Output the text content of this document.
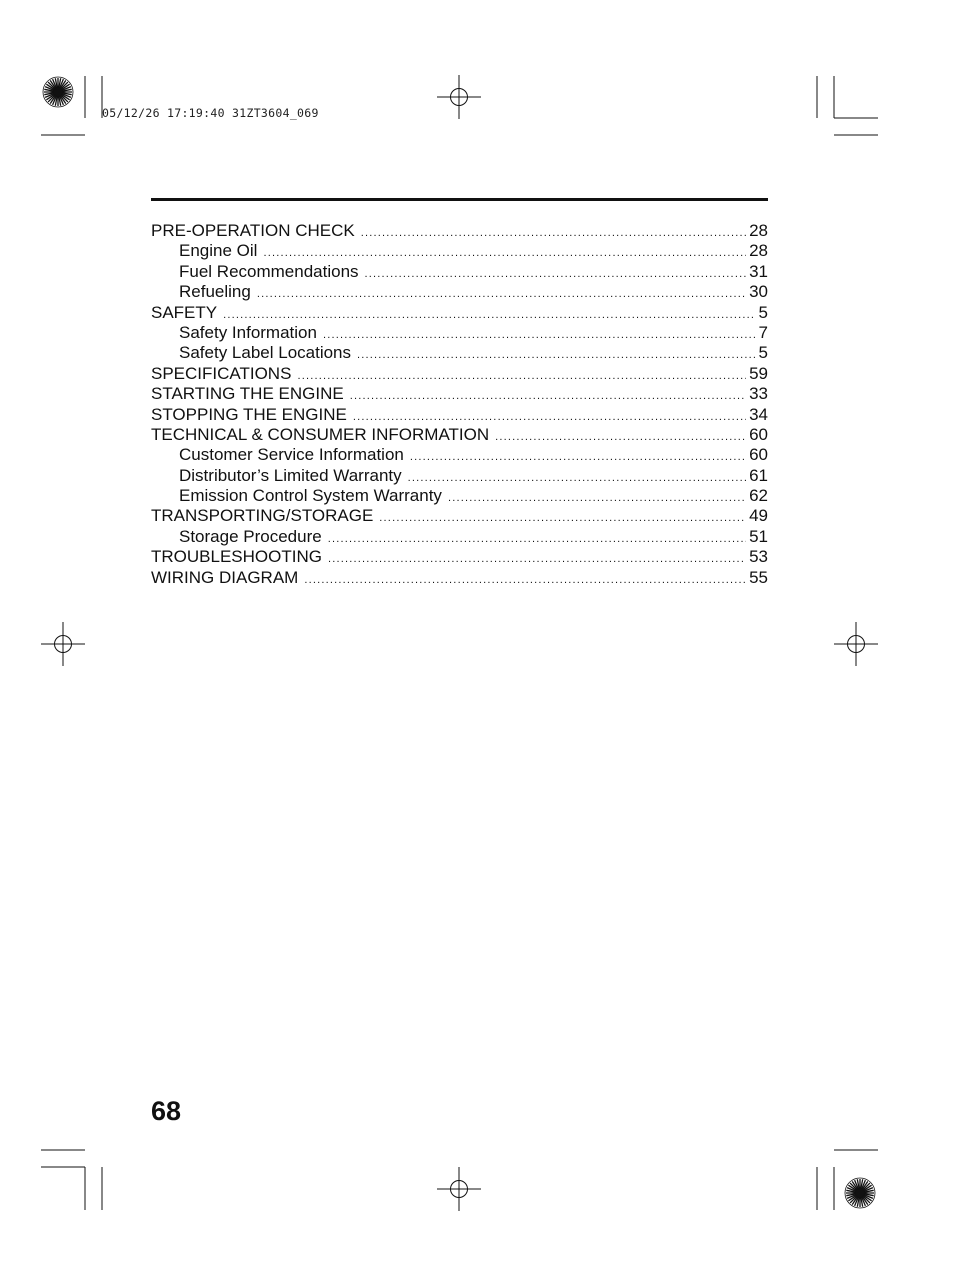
05/12/26 17:19:40 31ZT3604_069
PRE-OPERATION CHECK .....	28
Engine Oil .....	28
Fuel Recommendations .....	31
Refueling .....	30
SAFETY .....	5
Safety Information .....	7
Safety Label Locations .....	5
SPECIFICATIONS .....	59
STARTING THE ENGINE .....	33
STOPPING THE ENGINE .....	34
TECHNICAL & CONSUMER INFORMATION .....	60
Customer Service Information .....	60
Distributor’s Limited Warranty .....	61
Emission Control System Warranty .....	62
TRANSPORTING/STORAGE .....	49
Storage Procedure .....	51
TROUBLESHOOTING .....	53
WIRING DIAGRAM .....	55
68
